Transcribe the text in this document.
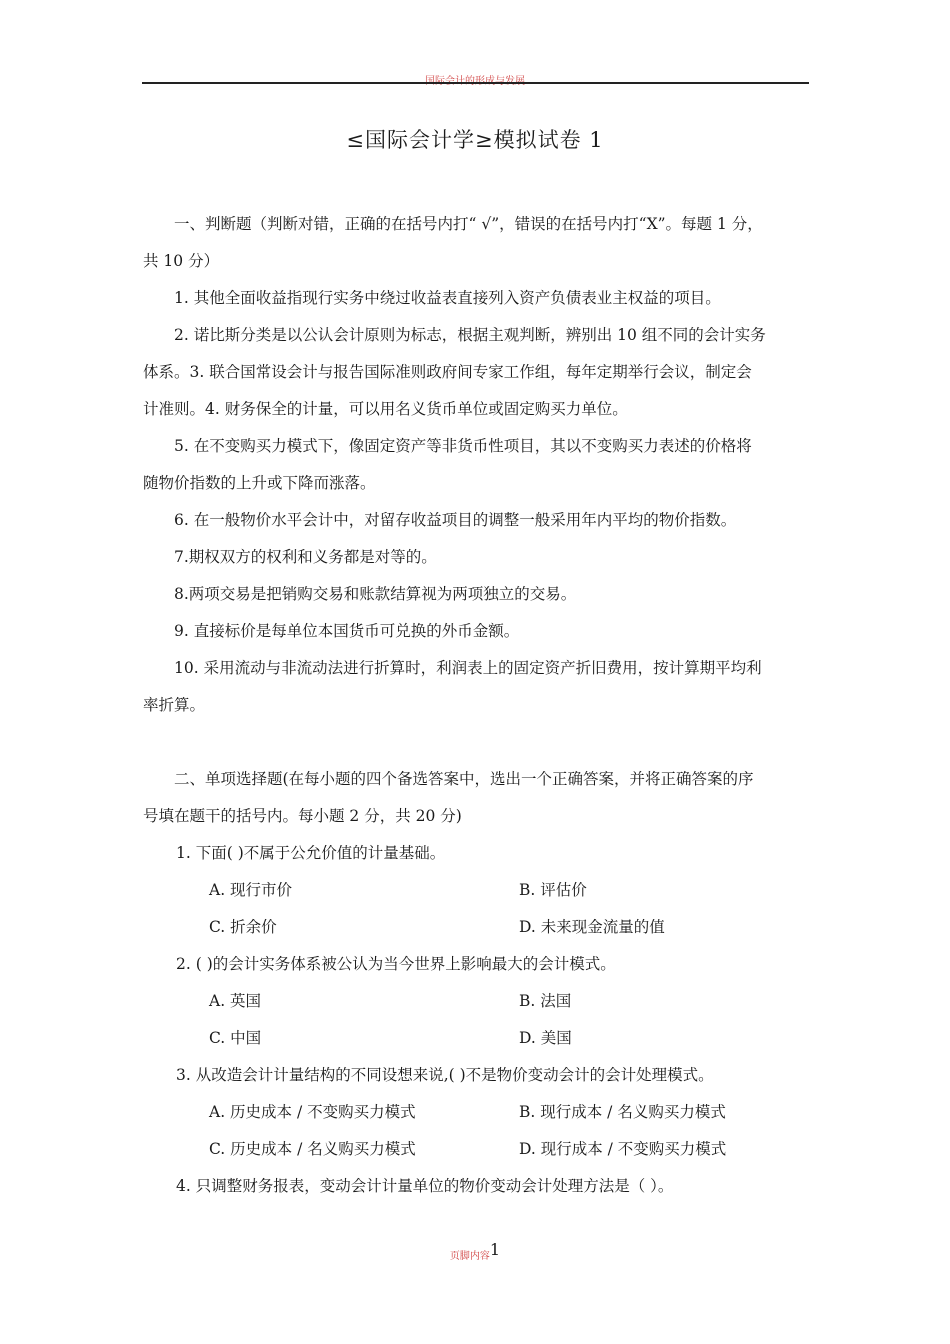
国际会计的形成与发展
≤国际会计学≥模拟试卷 1

一、判断题（判断对错，正确的在括号内打“ √”，错误的在括号内打“X”。每题 1 分，

共 10 分）

1. 其他全面收益指现行实务中绕过收益表直接列入资产负债表业主权益的项目。

2. 诺比斯分类是以公认会计原则为标志，根据主观判断，辨别出 10 组不同的会计实务

体系。3. 联合国常设会计与报告国际准则政府间专家工作组，每年定期举行会议，制定会

计准则。4. 财务保全的计量，可以用名义货币单位或固定购买力单位。

5. 在不变购买力模式下，像固定资产等非货币性项目，其以不变购买力表述的价格将

随物价指数的上升或下降而涨落。

6. 在一般物价水平会计中，对留存收益项目的调整一般采用年内平均的物价指数。

7.期权双方的权利和义务都是对等的。

8.两项交易是把销购交易和账款结算视为两项独立的交易。

9. 直接标价是每单位本国货币可兑换的外币金额。

10. 采用流动与非流动法进行折算时，利润表上的固定资产折旧费用，按计算期平均利

率折算。

二、单项选择题(在每小题的四个备选答案中，选出一个正确答案，并将正确答案的序

号填在题干的括号内。每小题 2 分，共 20 分)

1. 下面( )不属于公允价值的计量基础。

A. 现行市价	B. 评估价
C. 折余价	D. 未来现金流量的值

2. ( )的会计实务体系被公认为当今世界上影响最大的会计模式。

A. 英国	B. 法国
C. 中国	D. 美国

3. 从改造会计计量结构的不同设想来说,( )不是物价变动会计的会计处理模式。

A. 历史成本 / 不变购买力模式	B. 现行成本 / 名义购买力模式
C. 历史成本 / 名义购买力模式	D. 现行成本 / 不变购买力模式

4. 只调整财务报表，变动会计计量单位的物价变动会计处理方法是（ ）。

页脚内容1
